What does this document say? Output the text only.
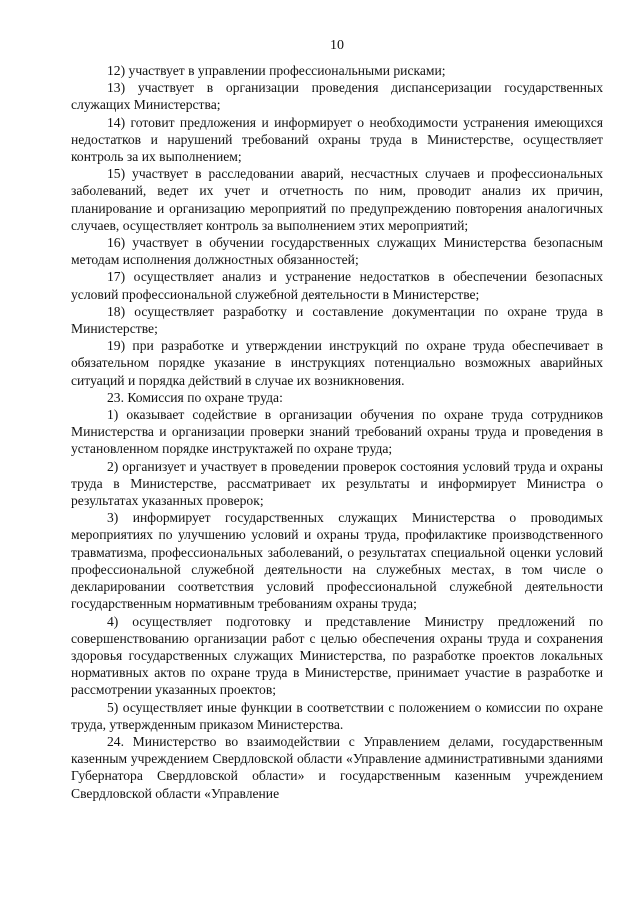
10

12) участвует в управлении профессиональными рисками;

13) участвует в организации проведения диспансеризации государственных служащих Министерства;

14) готовит предложения и информирует о необходимости устранения имеющихся недостатков и нарушений требований охраны труда в Министерстве, осуществляет контроль за их выполнением;

15) участвует в расследовании аварий, несчастных случаев и профессиональных заболеваний, ведет их учет и отчетность по ним, проводит анализ их причин, планирование и организацию мероприятий по предупреждению повторения аналогичных случаев, осуществляет контроль за выполнением этих мероприятий;

16) участвует в обучении государственных служащих Министерства безопасным методам исполнения должностных обязанностей;

17) осуществляет анализ и устранение недостатков в обеспечении безопасных условий профессиональной служебной деятельности в Министерстве;

18) осуществляет разработку и составление документации по охране труда в Министерстве;

19) при разработке и утверждении инструкций по охране труда обеспечивает в обязательном порядке указание в инструкциях потенциально возможных аварийных ситуаций и порядка действий в случае их возникновения.

23. Комиссия по охране труда:

1) оказывает содействие в организации обучения по охране труда сотрудников Министерства и организации проверки знаний требований охраны труда и проведения в установленном порядке инструктажей по охране труда;

2) организует и участвует в проведении проверок состояния условий труда и охраны труда в Министерстве, рассматривает их результаты и информирует Министра о результатах указанных проверок;

3) информирует государственных служащих Министерства о проводимых мероприятиях по улучшению условий и охраны труда, профилактике производственного травматизма, профессиональных заболеваний, о результатах специальной оценки условий профессиональной служебной деятельности на служебных местах, в том числе о декларировании соответствия условий профессиональной служебной деятельности государственным нормативным требованиям охраны труда;

4) осуществляет подготовку и представление Министру предложений по совершенствованию организации работ с целью обеспечения охраны труда и сохранения здоровья государственных служащих Министерства, по разработке проектов локальных нормативных актов по охране труда в Министерстве, принимает участие в разработке и рассмотрении указанных проектов;

5) осуществляет иные функции в соответствии с положением о комиссии по охране труда, утвержденным приказом Министерства.

24. Министерство во взаимодействии с Управлением делами, государственным казенным учреждением Свердловской области «Управление административными зданиями Губернатора Свердловской области» и государственным казенным учреждением Свердловской области «Управление
